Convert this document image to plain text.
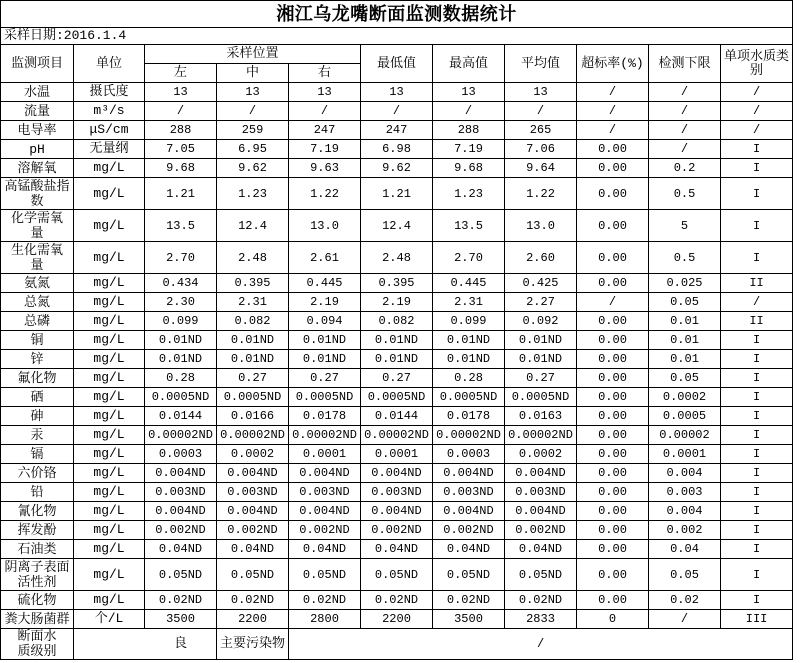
湘江乌龙嘴断面监测数据统计										
采样日期:2016.1.4										
监测项目	单位	采样位置			最低值	最高值	平均值	超标率(%)	检测下限	单项水质类别
		左	中	右						
水温	摄氏度	13	13	13	13	13	13	/	/	/
流量	m³/s	/	/	/	/	/	/	/	/	/
电导率	μS/cm	288	259	247	247	288	265	/	/	/
pH	无量纲	7.05	6.95	7.19	6.98	7.19	7.06	0.00	/	I
溶解氧	mg/L	9.68	9.62	9.63	9.62	9.68	9.64	0.00	0.2	I
高锰酸盐指数	mg/L	1.21	1.23	1.22	1.21	1.23	1.22	0.00	0.5	I
化学需氧量	mg/L	13.5	12.4	13.0	12.4	13.5	13.0	0.00	5	I
生化需氧量	mg/L	2.70	2.48	2.61	2.48	2.70	2.60	0.00	0.5	I
氨氮	mg/L	0.434	0.395	0.445	0.395	0.445	0.425	0.00	0.025	II
总氮	mg/L	2.30	2.31	2.19	2.19	2.31	2.27	/	0.05	/
总磷	mg/L	0.099	0.082	0.094	0.082	0.099	0.092	0.00	0.01	II
铜	mg/L	0.01ND	0.01ND	0.01ND	0.01ND	0.01ND	0.01ND	0.00	0.01	I
锌	mg/L	0.01ND	0.01ND	0.01ND	0.01ND	0.01ND	0.01ND	0.00	0.01	I
氟化物	mg/L	0.28	0.27	0.27	0.27	0.28	0.27	0.00	0.05	I
硒	mg/L	0.0005ND	0.0005ND	0.0005ND	0.0005ND	0.0005ND	0.0005ND	0.00	0.0002	I
砷	mg/L	0.0144	0.0166	0.0178	0.0144	0.0178	0.0163	0.00	0.0005	I
汞	mg/L	0.00002ND	0.00002ND	0.00002ND	0.00002ND	0.00002ND	0.00002ND	0.00	0.00002	I
镉	mg/L	0.0003	0.0002	0.0001	0.0001	0.0003	0.0002	0.00	0.0001	I
六价铬	mg/L	0.004ND	0.004ND	0.004ND	0.004ND	0.004ND	0.004ND	0.00	0.004	I
铅	mg/L	0.003ND	0.003ND	0.003ND	0.003ND	0.003ND	0.003ND	0.00	0.003	I
氰化物	mg/L	0.004ND	0.004ND	0.004ND	0.004ND	0.004ND	0.004ND	0.00	0.004	I
挥发酚	mg/L	0.002ND	0.002ND	0.002ND	0.002ND	0.002ND	0.002ND	0.00	0.002	I
石油类	mg/L	0.04ND	0.04ND	0.04ND	0.04ND	0.04ND	0.04ND	0.00	0.04	I
阴离子表面活性剂	mg/L	0.05ND	0.05ND	0.05ND	0.05ND	0.05ND	0.05ND	0.00	0.05	I
硫化物	mg/L	0.02ND	0.02ND	0.02ND	0.02ND	0.02ND	0.02ND	0.00	0.02	I
粪大肠菌群	个/L	3500	2200	2800	2200	3500	2833	0	/	III
断面水质级别	良		主要污染物	/						
